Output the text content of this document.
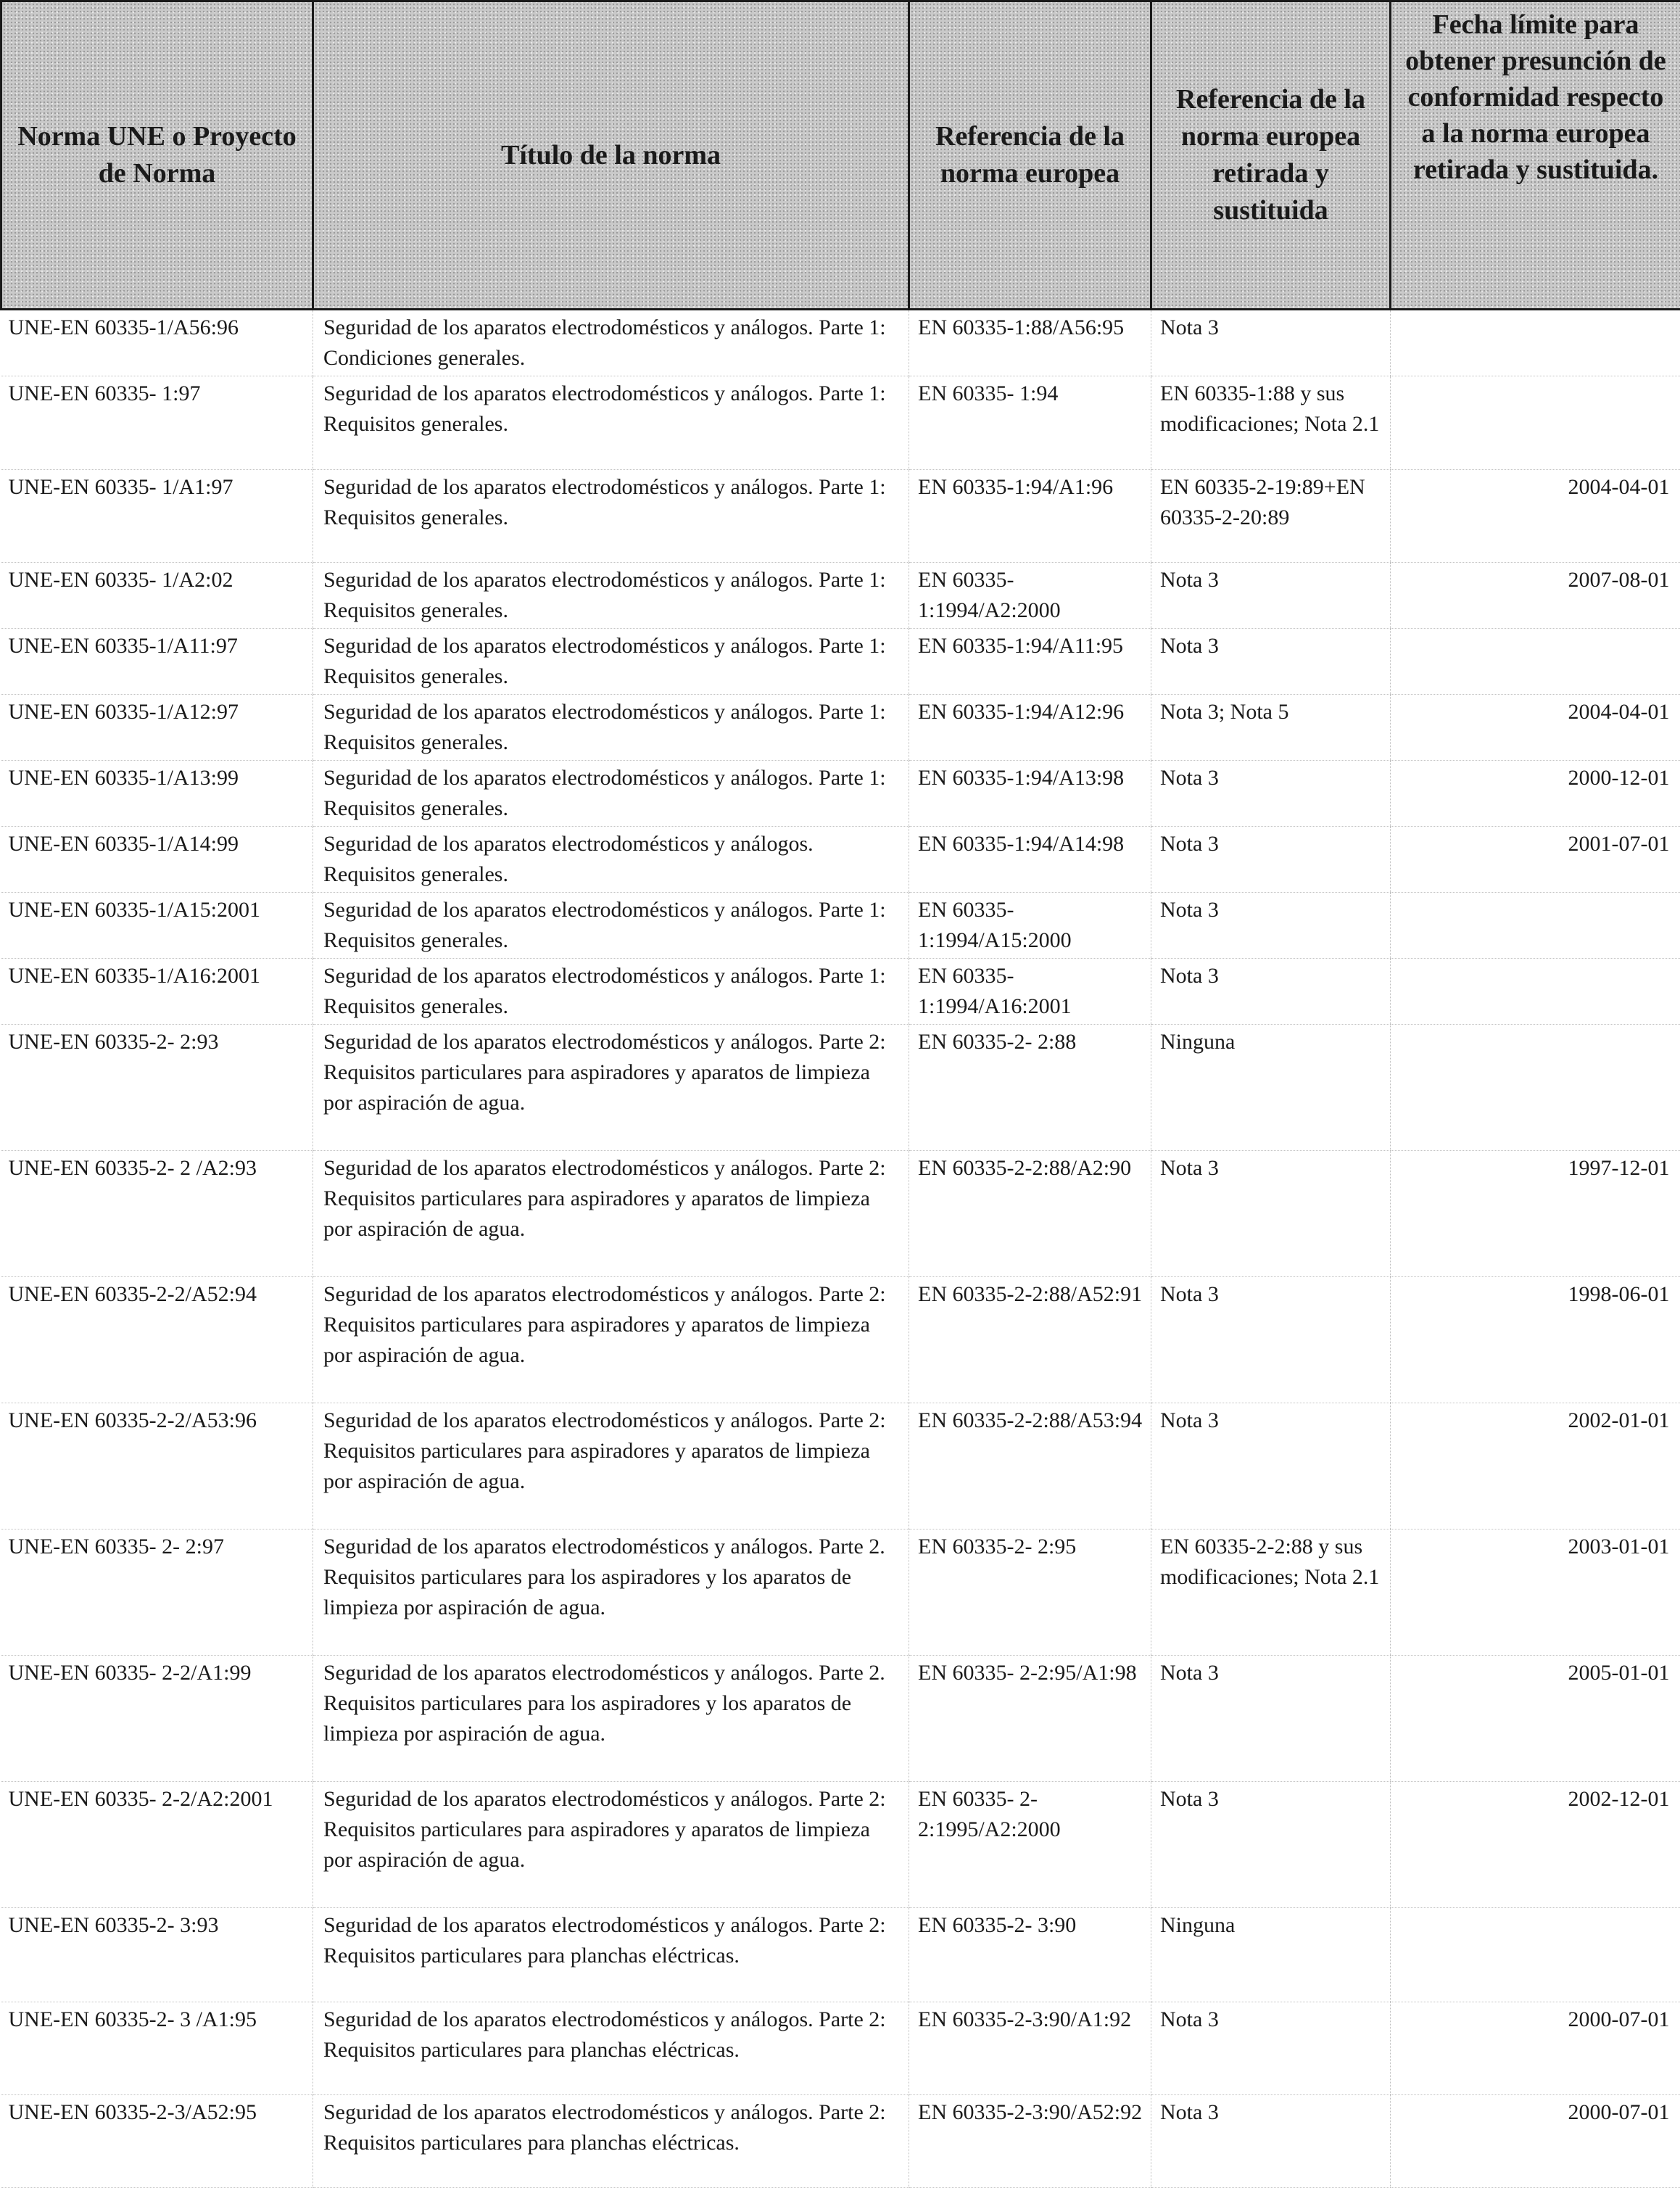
Norma UNE o Proyecto de Norma	Título de la norma	Referencia de la norma europea	Referencia de la norma europea retirada y sustituida	Fecha límite para obtener presunción de conformidad respecto a la norma europea retirada y sustituida.
UNE-EN 60335-1/A56:96	Seguridad de los aparatos electrodomésticos y análogos. Parte 1: Condiciones generales.	EN 60335-1:88/A56:95	Nota 3	
UNE-EN 60335- 1:97	Seguridad de los aparatos electrodomésticos y análogos. Parte 1: Requisitos generales.	EN 60335- 1:94	EN 60335-1:88 y sus modificaciones; Nota 2.1	
UNE-EN 60335- 1/A1:97	Seguridad de los aparatos electrodomésticos y análogos. Parte 1: Requisitos generales.	EN 60335-1:94/A1:96	EN 60335-2-19:89+EN 60335-2-20:89	2004-04-01
UNE-EN 60335- 1/A2:02	Seguridad de los aparatos electrodomésticos y análogos. Parte 1: Requisitos generales.	EN 60335-1:1994/A2:2000	Nota 3	2007-08-01
UNE-EN 60335-1/A11:97	Seguridad de los aparatos electrodomésticos y análogos. Parte 1: Requisitos generales.	EN 60335-1:94/A11:95	Nota 3	
UNE-EN 60335-1/A12:97	Seguridad de los aparatos electrodomésticos y análogos. Parte 1: Requisitos generales.	EN 60335-1:94/A12:96	Nota 3; Nota 5	2004-04-01
UNE-EN 60335-1/A13:99	Seguridad de los aparatos electrodomésticos y análogos. Parte 1: Requisitos generales.	EN 60335-1:94/A13:98	Nota 3	2000-12-01
UNE-EN 60335-1/A14:99	Seguridad de los aparatos electrodomésticos y análogos. Requisitos generales.	EN 60335-1:94/A14:98	Nota 3	2001-07-01
UNE-EN 60335-1/A15:2001	Seguridad de los aparatos electrodomésticos y análogos. Parte 1: Requisitos generales.	EN 60335-1:1994/A15:2000	Nota 3	
UNE-EN 60335-1/A16:2001	Seguridad de los aparatos electrodomésticos y análogos. Parte 1: Requisitos generales.	EN 60335-1:1994/A16:2001	Nota 3	
UNE-EN 60335-2- 2:93	Seguridad de los aparatos electrodomésticos y análogos. Parte 2: Requisitos particulares para aspiradores y aparatos de limpieza por aspiración de agua.	EN 60335-2- 2:88	Ninguna	
UNE-EN 60335-2- 2 /A2:93	Seguridad de los aparatos electrodomésticos y análogos. Parte 2: Requisitos particulares para aspiradores y aparatos de limpieza por aspiración de agua.	EN 60335-2-2:88/A2:90	Nota 3	1997-12-01
UNE-EN 60335-2-2/A52:94	Seguridad de los aparatos electrodomésticos y análogos. Parte 2: Requisitos particulares para aspiradores y aparatos de limpieza por aspiración de agua.	EN 60335-2-2:88/A52:91	Nota 3	1998-06-01
UNE-EN 60335-2-2/A53:96	Seguridad de los aparatos electrodomésticos y análogos. Parte 2: Requisitos particulares para aspiradores y aparatos de limpieza por aspiración de agua.	EN 60335-2-2:88/A53:94	Nota 3	2002-01-01
UNE-EN 60335- 2- 2:97	Seguridad de los aparatos electrodomésticos y análogos. Parte 2. Requisitos particulares para los aspiradores y los aparatos de limpieza por aspiración de agua.	EN 60335-2- 2:95	EN 60335-2-2:88 y sus modificaciones; Nota 2.1	2003-01-01
UNE-EN 60335- 2-2/A1:99	Seguridad de los aparatos electrodomésticos y análogos. Parte 2. Requisitos particulares para los aspiradores y los aparatos de limpieza por aspiración de agua.	EN 60335- 2-2:95/A1:98	Nota 3	2005-01-01
UNE-EN 60335- 2-2/A2:2001	Seguridad de los aparatos electrodomésticos y análogos. Parte 2: Requisitos particulares para aspiradores y aparatos de limpieza por aspiración de agua.	EN 60335- 2-2:1995/A2:2000	Nota 3	2002-12-01
UNE-EN 60335-2- 3:93	Seguridad de los aparatos electrodomésticos y análogos. Parte 2: Requisitos particulares para planchas eléctricas.	EN 60335-2- 3:90	Ninguna	
UNE-EN 60335-2- 3 /A1:95	Seguridad de los aparatos electrodomésticos y análogos. Parte 2: Requisitos particulares para planchas eléctricas.	EN 60335-2-3:90/A1:92	Nota 3	2000-07-01
UNE-EN 60335-2-3/A52:95	Seguridad de los aparatos electrodomésticos y análogos. Parte 2: Requisitos particulares para planchas eléctricas.	EN 60335-2-3:90/A52:92	Nota 3	2000-07-01
